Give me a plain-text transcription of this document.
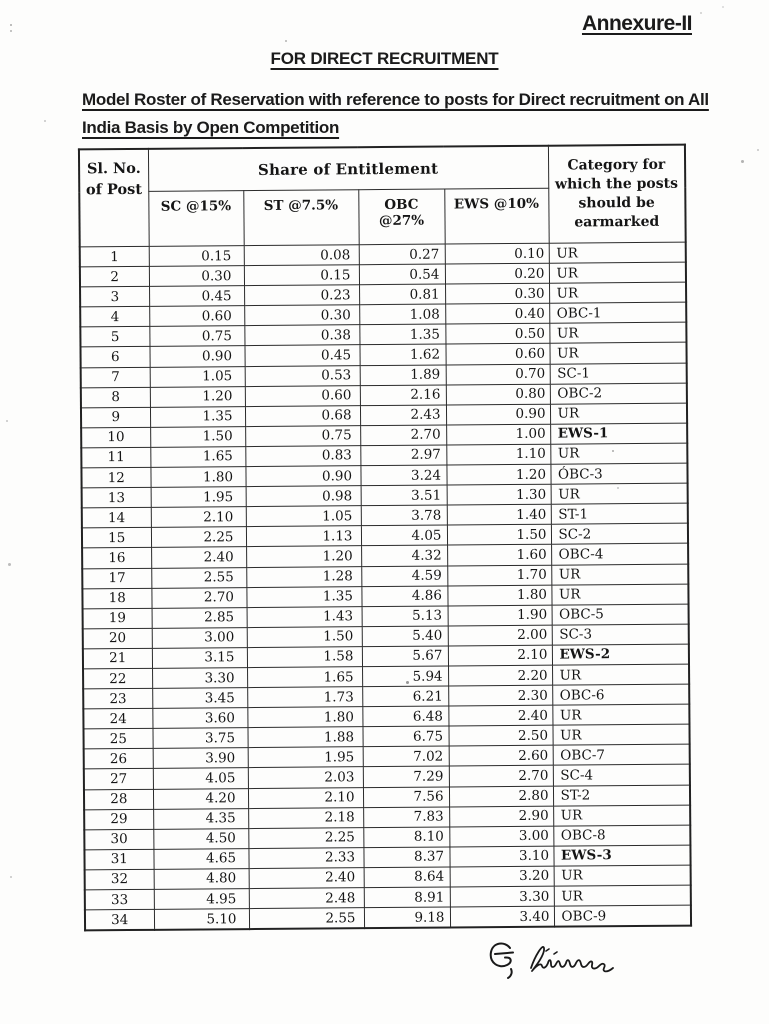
Annexure-II
FOR DIRECT RECRUITMENT
Model Roster of Reservation with reference to posts for Direct recruitment on All
India Basis by Open Competition
Sl. No.
of Post	Share of Entitlement				Category for
which the posts
should be
earmarked
	SC @15%	ST @7.5%	OBC @27%	EWS @10%	
1	0.15	0.08	0.27	0.10	UR
2	0.30	0.15	0.54	0.20	UR
3	0.45	0.23	0.81	0.30	UR
4	0.60	0.30	1.08	0.40	OBC-1
5	0.75	0.38	1.35	0.50	UR
6	0.90	0.45	1.62	0.60	UR
7	1.05	0.53	1.89	0.70	SC-1
8	1.20	0.60	2.16	0.80	OBC-2
9	1.35	0.68	2.43	0.90	UR
10	1.50	0.75	2.70	1.00	EWS-1
11	1.65	0.83	2.97	1.10	UR
12	1.80	0.90	3.24	1.20	ÓBC-3
13	1.95	0.98	3.51	1.30	UR
14	2.10	1.05	3.78	1.40	ST-1
15	2.25	1.13	4.05	1.50	SC-2
16	2.40	1.20	4.32	1.60	OBC-4
17	2.55	1.28	4.59	1.70	UR
18	2.70	1.35	4.86	1.80	UR
19	2.85	1.43	5.13	1.90	OBC-5
20	3.00	1.50	5.40	2.00	SC-3
21	3.15	1.58	5.67	2.10	EWS-2
22	3.30	1.65	5.94	2.20	UR
23	3.45	1.73	6.21	2.30	OBC-6
24	3.60	1.80	6.48	2.40	UR
25	3.75	1.88	6.75	2.50	UR
26	3.90	1.95	7.02	2.60	OBC-7
27	4.05	2.03	7.29	2.70	SC-4
28	4.20	2.10	7.56	2.80	ST-2
29	4.35	2.18	7.83	2.90	UR
30	4.50	2.25	8.10	3.00	OBC-8
31	4.65	2.33	8.37	3.10	EWS-3
32	4.80	2.40	8.64	3.20	UR
33	4.95	2.48	8.91	3.30	UR
34	5.10	2.55	9.18	3.40	OBC-9
